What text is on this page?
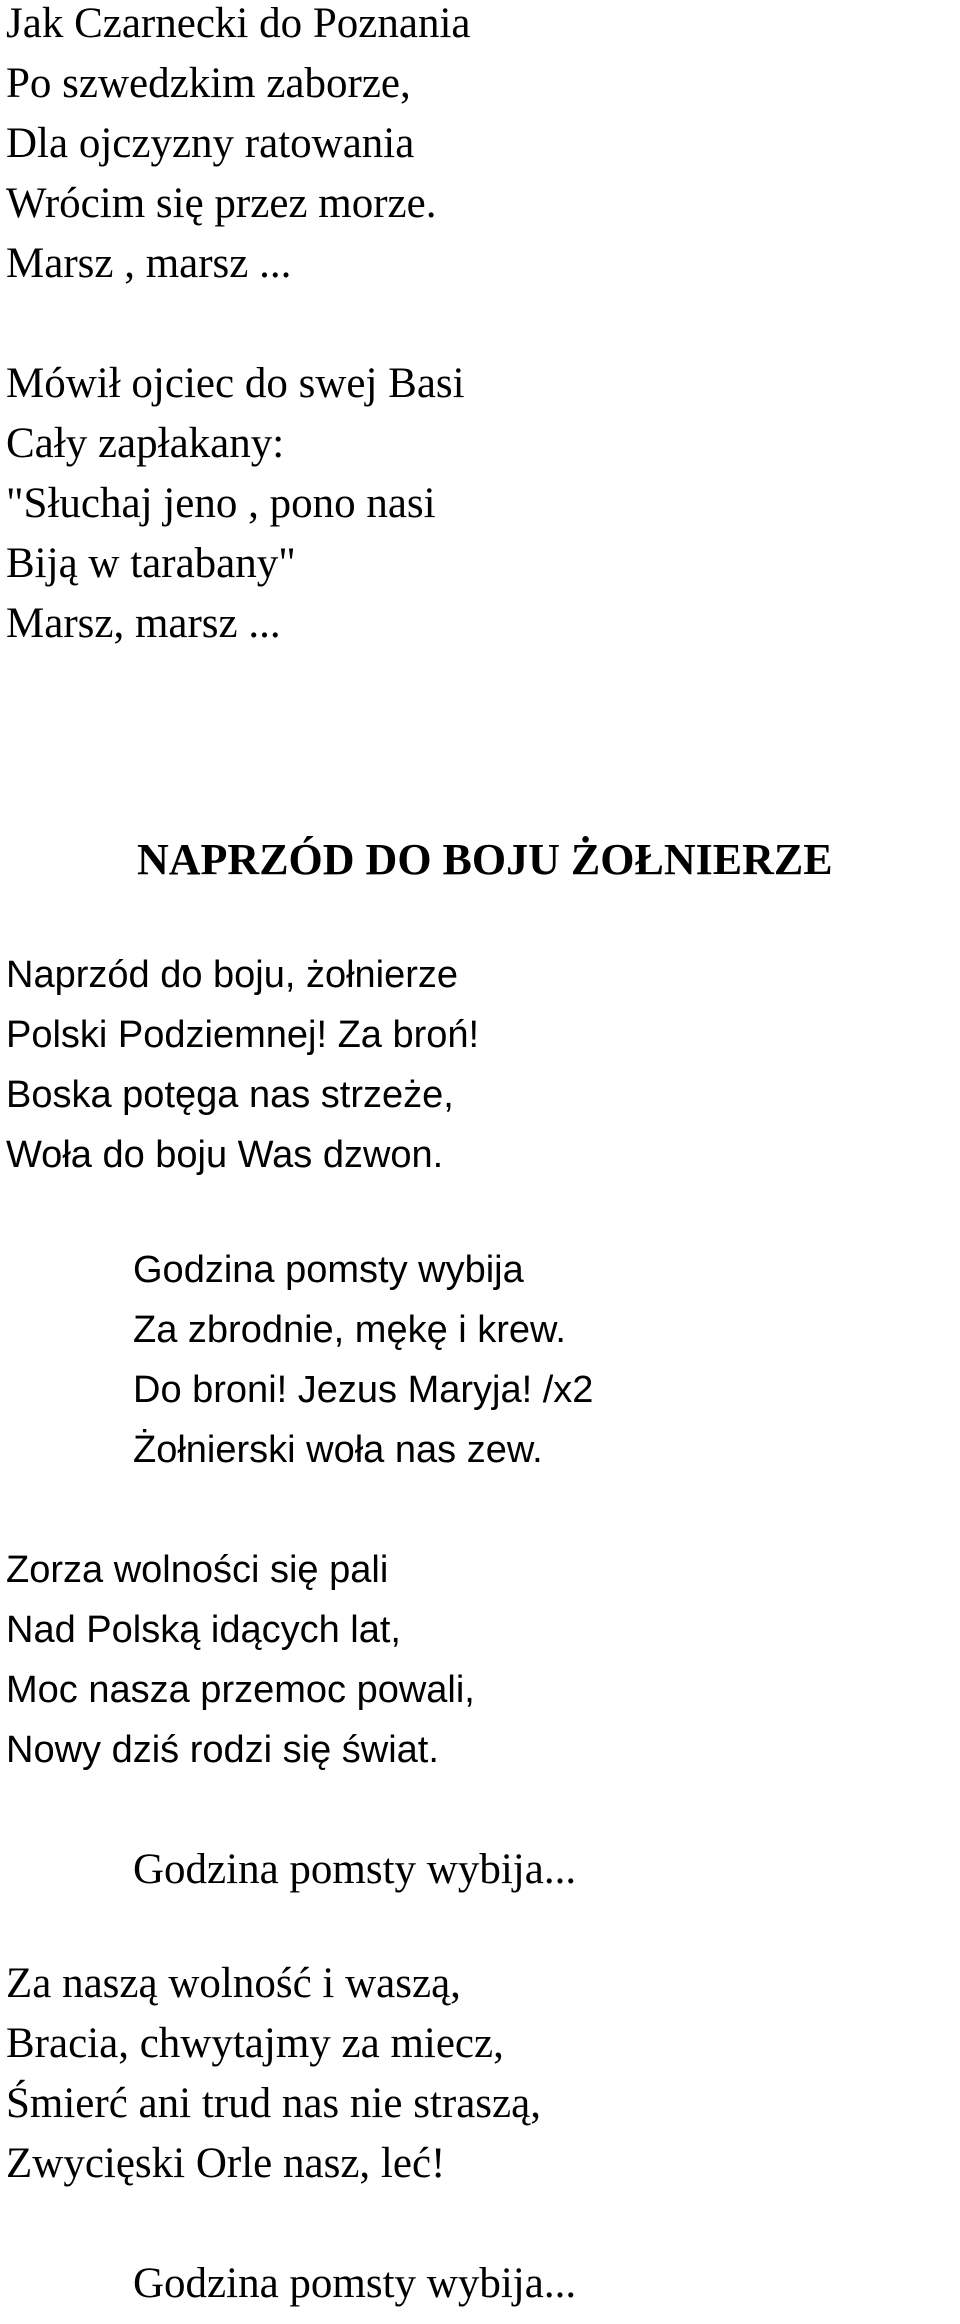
Jak Czarnecki do Poznania
Po szwedzkim zaborze,
Dla ojczyzny ratowania
Wrócim się przez morze.
Marsz , marsz ...
Mówił ojciec do swej Basi
Cały zapłakany:
"Słuchaj jeno , pono nasi
Biją w tarabany"
Marsz, marsz ...
NAPRZÓD DO BOJU ŻOŁNIERZE
Naprzód do boju, żołnierze
Polski Podziemnej! Za broń!
Boska potęga nas strzeże,
Woła do boju Was dzwon.
Godzina pomsty wybija
Za zbrodnie, mękę i krew.
Do broni! Jezus Maryja! /x2
Żołnierski woła nas zew.
Zorza wolności się pali
Nad Polską idących lat,
Moc nasza przemoc powali,
Nowy dziś rodzi się świat.
Godzina pomsty wybija...
Za naszą wolność i waszą,
Bracia, chwytajmy za miecz,
Śmierć ani trud nas nie straszą,
Zwycięski Orle nasz, leć!
Godzina pomsty wybija...
